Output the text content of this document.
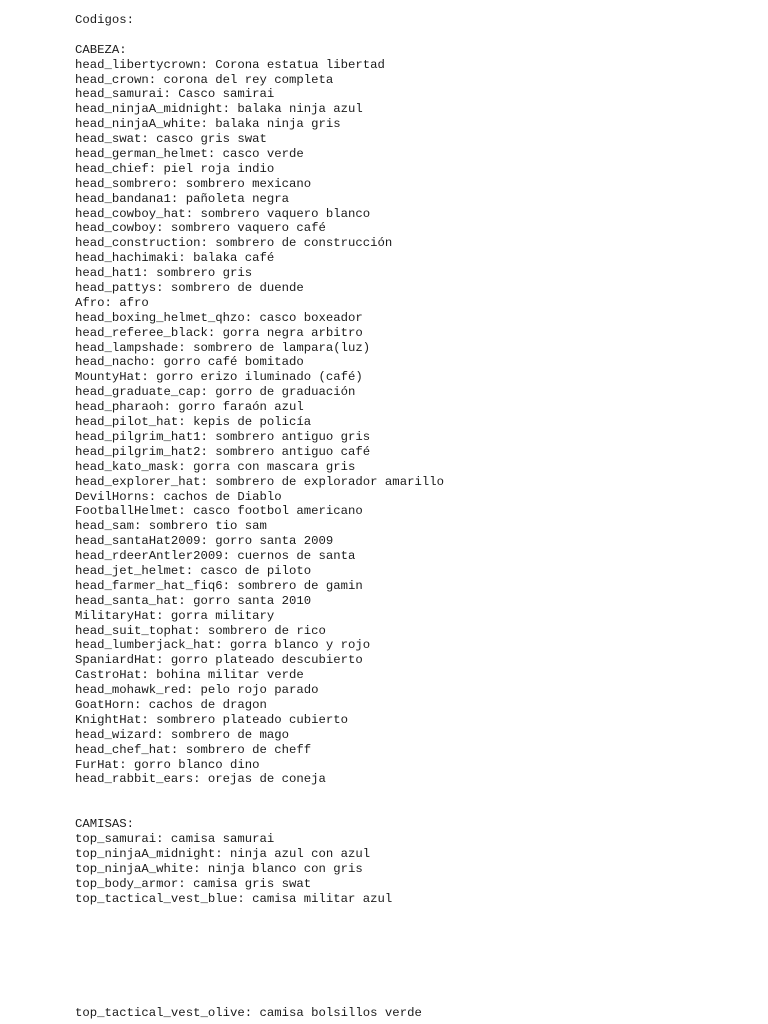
Codigos:
CABEZA:
head_libertycrown: Corona estatua libertad
head_crown: corona del rey completa
head_samurai: Casco samirai
head_ninjaA_midnight: balaka ninja azul
head_ninjaA_white: balaka ninja gris
head_swat: casco gris swat
head_german_helmet: casco verde
head_chief: piel roja indio
head_sombrero: sombrero mexicano
head_bandana1: pañoleta negra
head_cowboy_hat: sombrero vaquero blanco
head_cowboy: sombrero vaquero café
head_construction: sombrero de construcción
head_hachimaki: balaka café
head_hat1: sombrero gris
head_pattys: sombrero de duende
Afro: afro
head_boxing_helmet_qhzo: casco boxeador
head_referee_black: gorra negra arbitro
head_lampshade: sombrero de lampara(luz)
head_nacho: gorro café bomitado
MountyHat: gorro erizo iluminado (café)
head_graduate_cap: gorro de graduación
head_pharaoh: gorro faraón azul
head_pilot_hat: kepis de policía
head_pilgrim_hat1: sombrero antiguo gris
head_pilgrim_hat2: sombrero antiguo café
head_kato_mask: gorra con mascara gris
head_explorer_hat: sombrero de explorador amarillo
DevilHorns: cachos de Diablo
FootballHelmet: casco footbol americano
head_sam: sombrero tio sam
head_santaHat2009: gorro santa 2009
head_rdeerAntler2009: cuernos de santa
head_jet_helmet: casco de piloto
head_farmer_hat_fiq6: sombrero de gamin
head_santa_hat: gorro santa 2010
MilitaryHat: gorra military
head_suit_tophat: sombrero de rico
head_lumberjack_hat: gorra blanco y rojo
SpaniardHat: gorro plateado descubierto
CastroHat: bohina militar verde
head_mohawk_red: pelo rojo parado
GoatHorn: cachos de dragon
KnightHat: sombrero plateado cubierto
head_wizard: sombrero de mago
head_chef_hat: sombrero de cheff
FurHat: gorro blanco dino
head_rabbit_ears: orejas de coneja
CAMISAS:
top_samurai: camisa samurai
top_ninjaA_midnight: ninja azul con azul
top_ninjaA_white: ninja blanco con gris
top_body_armor: camisa gris swat
top_tactical_vest_blue: camisa militar azul
top_tactical_vest_olive: camisa bolsillos verde
